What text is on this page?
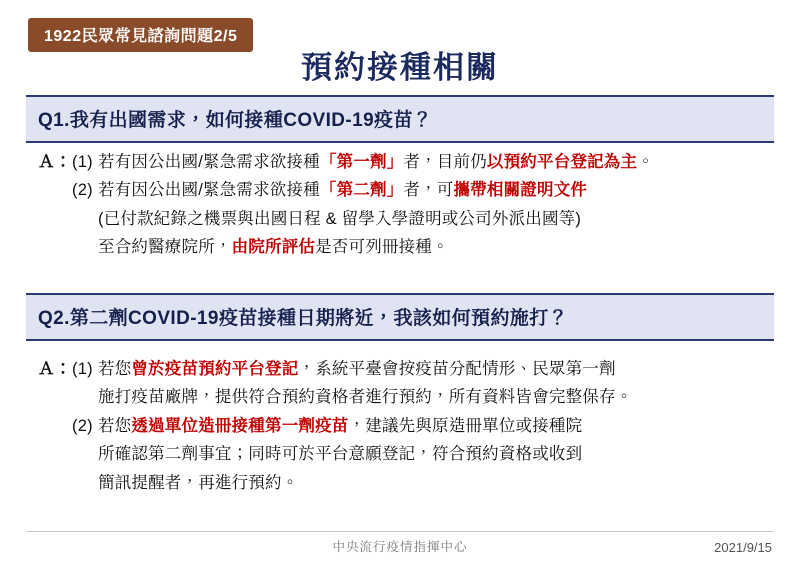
1922民眾常見諮詢問題2/5
預約接種相關
Q1.我有出國需求，如何接種COVID-19疫苗？
Ａ： (1) 若有因公出國/緊急需求欲接種「第一劑」者，目前仍以預約平台登記為主。
(2) 若有因公出國/緊急需求欲接種「第二劑」者，可攜帶相關證明文件
(已付款紀錄之機票與出國日程 & 留學入學證明或公司外派出國等)
至合約醫療院所，由院所評估是否可列冊接種。
Q2.第二劑COVID-19疫苗接種日期將近，我該如何預約施打？
Ａ： (1) 若您曾於疫苗預約平台登記，系統平臺會按疫苗分配情形、民眾第一劑
施打疫苗廠牌，提供符合預約資格者進行預約，所有資料皆會完整保存。
(2) 若您透過單位造冊接種第一劑疫苗，建議先與原造冊單位或接種院
所確認第二劑事宜；同時可於平台意願登記，符合預約資格或收到
簡訊提醒者，再進行預約。
中央流行疫情指揮中心	2021/9/15
